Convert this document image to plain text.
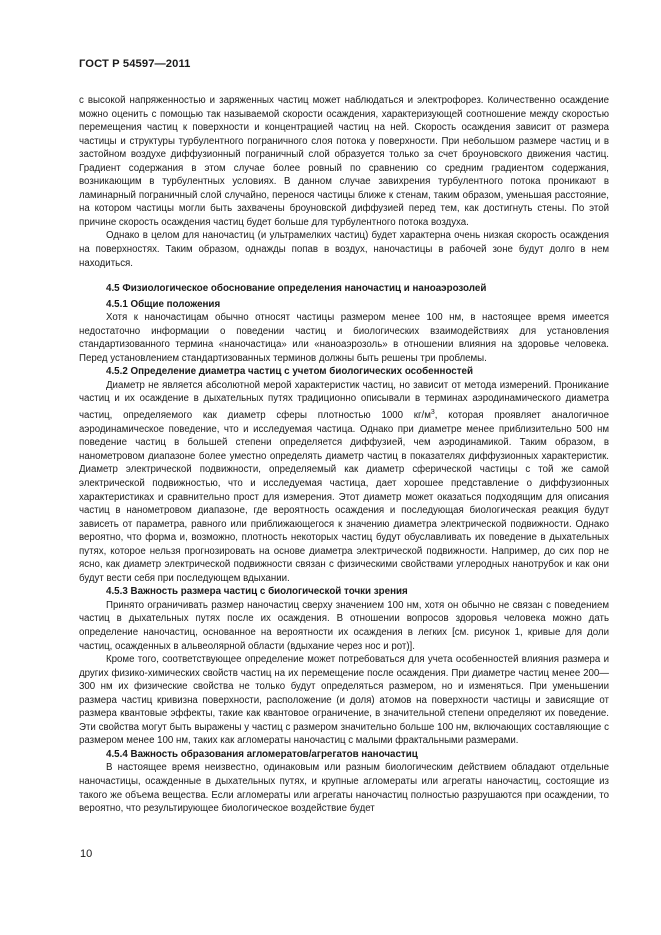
ГОСТ Р 54597—2011

с высокой напряженностью и заряженных частиц может наблюдаться и электрофорез. Количественно осаждение можно оценить с помощью так называемой скорости осаждения, характеризующей соотношение между скоростью перемещения частиц к поверхности и концентрацией частиц на ней. Скорость осаждения зависит от размера частицы и структуры турбулентного пограничного слоя потока у поверхности. При небольшом размере частиц и в застойном воздухе диффузионный пограничный слой образуется только за счет броуновского движения частиц. Градиент содержания в этом случае более ровный по сравнению со средним градиентом содержания, возникающим в турбулентных условиях. В данном случае завихрения турбулентного потока проникают в ламинарный пограничный слой случайно, перенося частицы ближе к стенам, таким образом, уменьшая расстояние, на котором частицы могли быть захвачены броуновской диффузией перед тем, как достигнуть стены. По этой причине скорость осаждения частиц будет больше для турбулентного потока воздуха.

Однако в целом для наночастиц (и ультрамелких частиц) будет характерна очень низкая скорость осаждения на поверхностях. Таким образом, однажды попав в воздух, наночастицы в рабочей зоне будут долго в нем находиться.

4.5 Физиологическое обоснование определения наночастиц и наноаэрозолей
4.5.1 Общие положения

Хотя к наночастицам обычно относят частицы размером менее 100 нм, в настоящее время имеется недостаточно информации о поведении частиц и биологических взаимодействиях для установления стандартизованного термина «наночастица» или «наноаэрозоль» в отношении влияния на здоровье человека. Перед установлением стандартизованных терминов должны быть решены три проблемы.

4.5.2 Определение диаметра частиц с учетом биологических особенностей

Диаметр не является абсолютной мерой характеристик частиц, но зависит от метода измерений. Проникание частиц и их осаждение в дыхательных путях традиционно описывали в терминах аэродинамического диаметра частиц, определяемого как диаметр сферы плотностью 1000 $кг/м^3$, которая проявляет аналогичное аэродинамическое поведение, что и исследуемая частица. Однако при диаметре менее приблизительно 500 нм поведение частиц в большей степени определяется диффузией, чем аэродинамикой. Таким образом, в нанометровом диапазоне более уместно определять диаметр частиц в показателях диффузионных характеристик. Диаметр электрической подвижности, определяемый как диаметр сферической частицы с той же самой электрической подвижностью, что и исследуемая частица, дает хорошее представление о диффузионных характеристиках и сравнительно прост для измерения. Этот диаметр может оказаться подходящим для описания частиц в нанометровом диапазоне, где вероятность осаждения и последующая биологическая реакция будут зависеть от параметра, равного или приближающегося к значению диаметра электрической подвижности. Однако вероятно, что форма и, возможно, плотность некоторых частиц будут обуславливать их поведение в дыхательных путях, которое нельзя прогнозировать на основе диаметра электрической подвижности. Например, до сих пор не ясно, как диаметр электрической подвижности связан с физическими свойствами углеродных нанотрубок и как они будут вести себя при последующем вдыхании.

4.5.3 Важность размера частиц с биологической точки зрения

Принято ограничивать размер наночастиц сверху значением 100 нм, хотя он обычно не связан с поведением частиц в дыхательных путях после их осаждения. В отношении вопросов здоровья человека можно дать определение наночастиц, основанное на вероятности их осаждения в легких [см. рисунок 1, кривые для доли частиц, осажденных в альвеолярной области (вдыхание через нос и рот)].

Кроме того, соответствующее определение может потребоваться для учета особенностей влияния размера и других физико-химических свойств частиц на их перемещение после осаждения. При диаметре частиц менее 200—300 нм их физические свойства не только будут определяться размером, но и изменяться. При уменьшении размера частиц кривизна поверхности, расположение (и доля) атомов на поверхности частицы и зависящие от размера квантовые эффекты, такие как квантовое ограничение, в значительной степени определяют их поведение. Эти свойства могут быть выражены у частиц с размером значительно больше 100 нм, включающих составляющие с размером менее 100 нм, таких как агломераты наночастиц с малыми фрактальными размерами.

4.5.4 Важность образования агломератов/агрегатов наночастиц

В настоящее время неизвестно, одинаковым или разным биологическим действием обладают отдельные наночастицы, осажденные в дыхательных путях, и крупные агломераты или агрегаты наночастиц, состоящие из такого же объема вещества. Если агломераты или агрегаты наночастиц полностью разрушаются при осаждении, то вероятно, что результирующее биологическое воздействие будет

10
